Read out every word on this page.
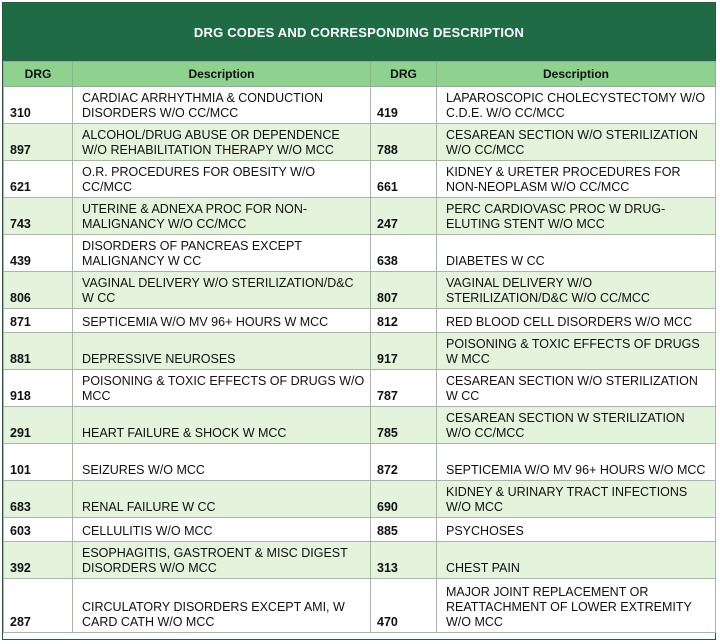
DRG CODES AND CORRESPONDING DESCRIPTION
DRG	Description	DRG	Description
310	CARDIAC ARRHYTHMIA & CONDUCTION DISORDERS W/O CC/MCC	419	LAPAROSCOPIC CHOLECYSTECTOMY W/O C.D.E. W/O CC/MCC
897	ALCOHOL/DRUG ABUSE OR DEPENDENCE W/O REHABILITATION THERAPY W/O MCC	788	CESAREAN SECTION W/O STERILIZATION W/O CC/MCC
621	O.R. PROCEDURES FOR OBESITY W/O CC/MCC	661	KIDNEY & URETER PROCEDURES FOR NON-NEOPLASM W/O CC/MCC
743	UTERINE & ADNEXA PROC FOR NON-MALIGNANCY W/O CC/MCC	247	PERC CARDIOVASC PROC W DRUG-ELUTING STENT W/O MCC
439	DISORDERS OF PANCREAS EXCEPT MALIGNANCY W CC	638	DIABETES W CC
806	VAGINAL DELIVERY W/O STERILIZATION/D&C W CC	807	VAGINAL DELIVERY W/O STERILIZATION/D&C W/O CC/MCC
871	SEPTICEMIA W/O MV 96+ HOURS W MCC	812	RED BLOOD CELL DISORDERS W/O MCC
881	DEPRESSIVE NEUROSES	917	POISONING & TOXIC EFFECTS OF DRUGS W MCC
918	POISONING & TOXIC EFFECTS OF DRUGS W/O MCC	787	CESAREAN SECTION W/O STERILIZATION W CC
291	HEART FAILURE & SHOCK W MCC	785	CESAREAN SECTION W STERILIZATION W/O CC/MCC
101	SEIZURES W/O MCC	872	SEPTICEMIA W/O MV 96+ HOURS W/O MCC
683	RENAL FAILURE W CC	690	KIDNEY & URINARY TRACT INFECTIONS W/O MCC
603	CELLULITIS W/O MCC	885	PSYCHOSES
392	ESOPHAGITIS, GASTROENT & MISC DIGEST DISORDERS W/O MCC	313	CHEST PAIN
287	CIRCULATORY DISORDERS EXCEPT AMI, W CARD CATH W/O MCC	470	MAJOR JOINT REPLACEMENT OR REATTACHMENT OF LOWER EXTREMITY W/O MCC
